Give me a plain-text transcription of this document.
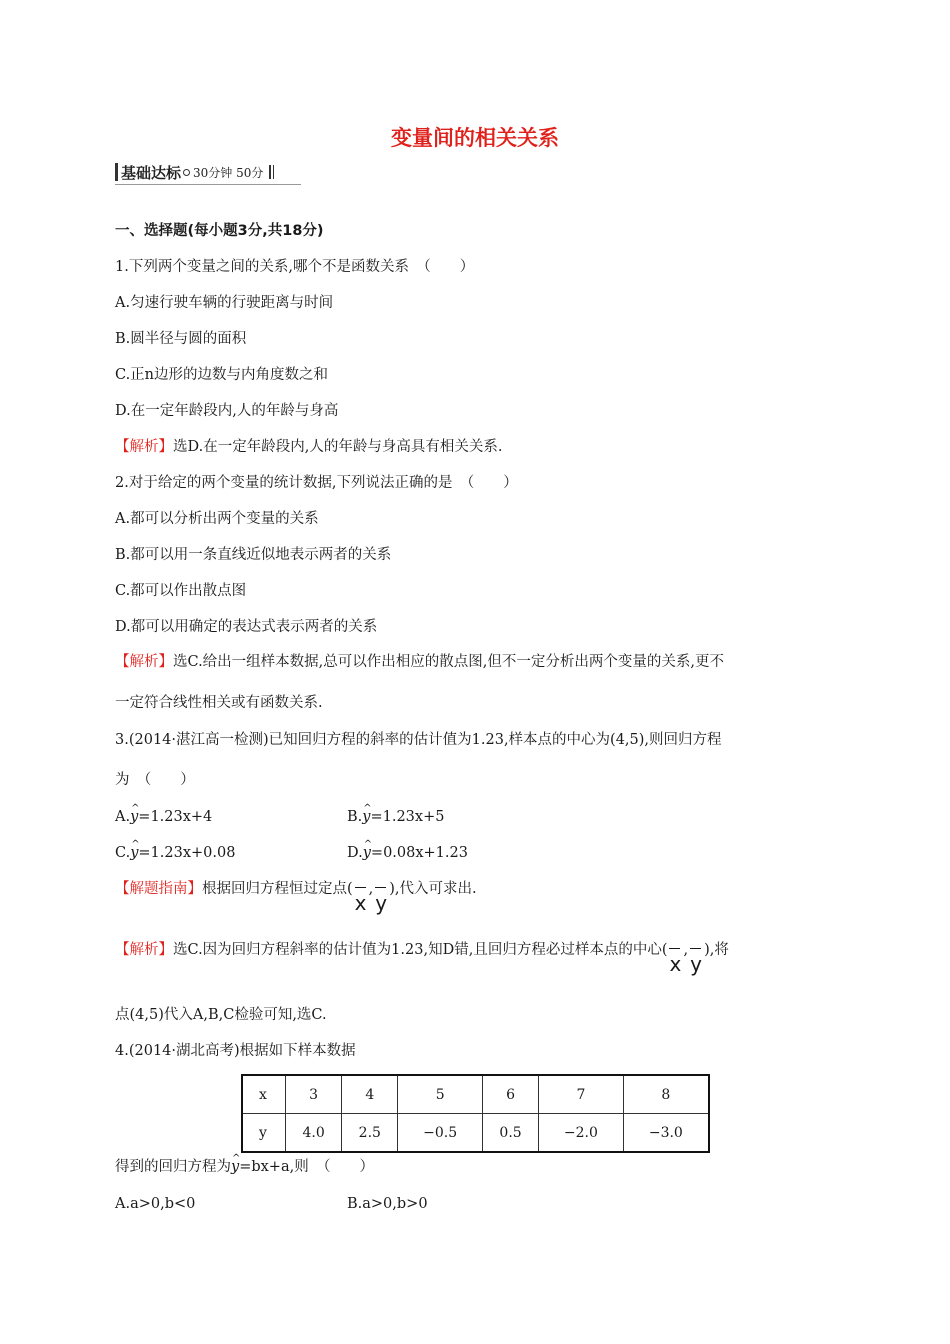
变量间的相关关系
基础达标 30分钟 50分
一、选择题(每小题3分,共18分)
1.下列两个变量之间的关系,哪个不是函数关系　（　　）
A.匀速行驶车辆的行驶距离与时间
B.圆半径与圆的面积
C.正n边形的边数与内角度数之和
D.在一定年龄段内,人的年龄与身高
【解析】选D.在一定年龄段内,人的年龄与身高具有相关关系.
2.对于给定的两个变量的统计数据,下列说法正确的是　（　　）
A.都可以分析出两个变量的关系
B.都可以用一条直线近似地表示两者的关系
C.都可以作出散点图
D.都可以用确定的表达式表示两者的关系
【解析】选C.给出一组样本数据,总可以作出相应的散点图,但不一定分析出两个变量的关系,更不
一定符合线性相关或有函数关系.
3.(2014·湛江高一检测)已知回归方程的斜率的估计值为1.23,样本点的中心为(4,5),则回归方程
为　（　　）
A.^ y=1.23x+4	B.^ y=1.23x+5
C.^ y=1.23x+0.08	D.^ y=0.08x+1.23
【解题指南】根据回归方程恒过定点(
x
,
y
),代入可求出.
【解析】选C.因为回归方程斜率的估计值为1.23,知D错,且回归方程必过样本点的中心(
x
,
y
),将
点(4,5)代入A,B,C检验可知,选C.
4.(2014·湖北高考)根据如下样本数据
x	3	4	5	6	7	8
y	4.0	2.5	−0.5	0.5	−2.0	−3.0
得到的回归方程为^ y=bx+a,则　（　　）
A.a>0,b<0	B.a>0,b>0
